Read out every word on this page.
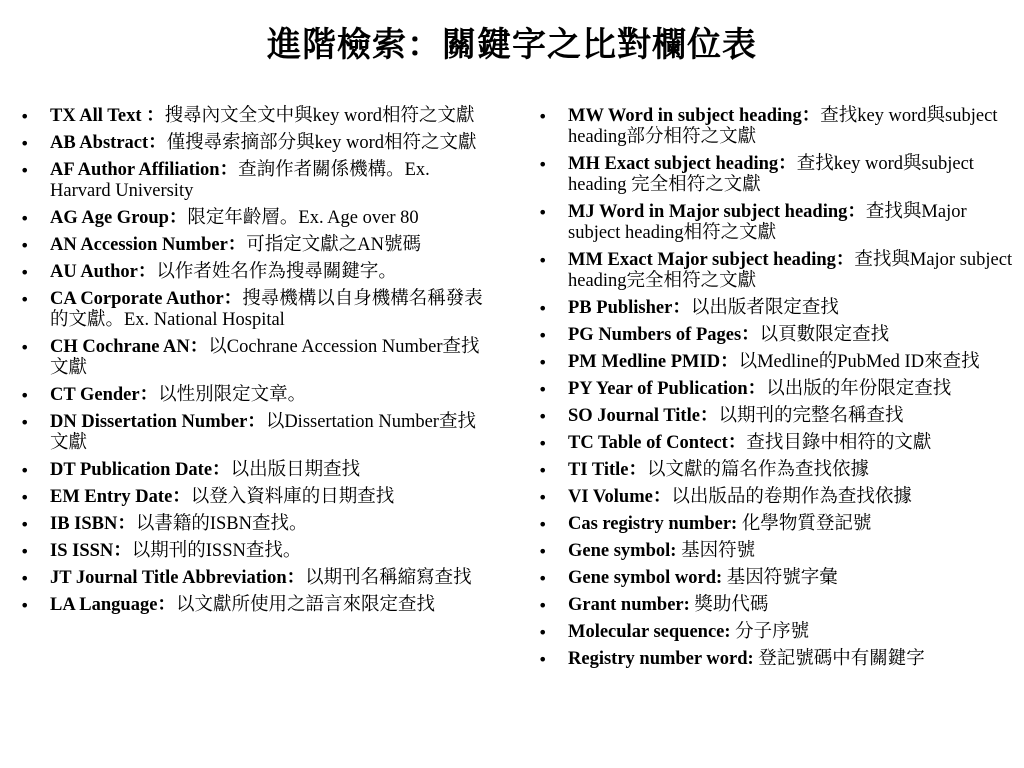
進階檢索：關鍵字之比對欄位表
•	TX All Text ：搜尋內文全文中與key word相符之文獻
•	AB Abstract：僅搜尋索摘部分與key word相符之文獻
•	AF Author Affiliation：查詢作者關係機構。Ex. Harvard University
•	AG Age Group：限定年齡層。Ex. Age over 80
•	AN Accession Number：可指定文獻之AN號碼
•	AU Author：以作者姓名作為搜尋關鍵字。
•	CA Corporate Author：搜尋機構以自身機構名稱發表的文獻。Ex. National Hospital
•	CH Cochrane AN：以Cochrane Accession Number查找文獻
•	CT Gender：以性別限定文章。
•	DN Dissertation Number：以Dissertation Number查找文獻
•	DT Publication Date：以出版日期查找
•	EM Entry Date：以登入資料庫的日期查找
•	IB ISBN：以書籍的ISBN查找。
•	IS ISSN：以期刊的ISSN查找。
•	JT Journal Title Abbreviation：以期刊名稱縮寫查找
•	LA Language：以文獻所使用之語言來限定查找
•	MW Word in subject heading：查找key word與subject heading部分相符之文獻
•	MH Exact subject heading：查找key word與subject heading 完全相符之文獻
•	MJ Word in Major subject heading：查找與Major subject heading相符之文獻
•	MM Exact Major subject heading：查找與Major subject heading完全相符之文獻
•	PB Publisher：以出版者限定查找
•	PG Numbers of Pages：以頁數限定查找
•	PM Medline PMID：以Medline的PubMed ID來查找
•	PY Year of Publication：以出版的年份限定查找
•	SO Journal Title：以期刊的完整名稱查找
•	TC Table of Contect：查找目錄中相符的文獻
•	TI Title：以文獻的篇名作為查找依據
•	VI Volume：以出版品的卷期作為查找依據
•	Cas registry number: 化學物質登記號
•	Gene symbol: 基因符號
•	Gene symbol word: 基因符號字彙
•	Grant number: 獎助代碼
•	Molecular sequence: 分子序號
•	Registry number word: 登記號碼中有關鍵字
